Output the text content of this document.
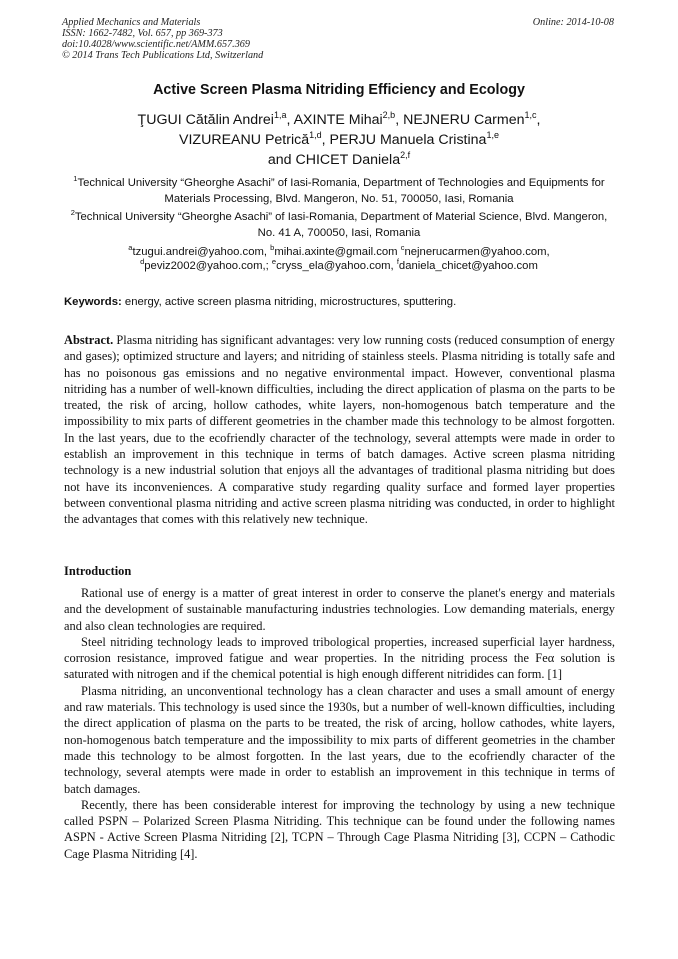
Applied Mechanics and Materials
ISSN: 1662-7482, Vol. 657, pp 369-373
doi:10.4028/www.scientific.net/AMM.657.369
© 2014 Trans Tech Publications Ltd, Switzerland
Online: 2014-10-08
Active Screen Plasma Nitriding Efficiency and Ecology
ŢUGUI Cătălin Andrei$^{1,a}$, AXINTE Mihai$^{2,b}$, NEJNERU Carmen$^{1,c}$,
VIZUREANU Petrică$^{1,d}$, PERJU Manuela Cristina$^{1,e}$
and CHICET Daniela$^{2,f}$
$^1$Technical University “Gheorghe Asachi” of Iasi-Romania, Department of Technologies and Equipments for Materials Processing, Blvd. Mangeron, No. 51, 700050, Iasi, Romania
$^2$Technical University “Gheorghe Asachi” of Iasi-Romania, Department of Material Science, Blvd. Mangeron, No. 41 A, 700050, Iasi, Romania
$^a$tzugui.andrei@yahoo.com, $^b$mihai.axinte@gmail.com $^c$nejnerucarmen@yahoo.com,
$^d$peviz2002@yahoo.com,; $^e$cryss_ela@yahoo.com, $^f$daniela_chicet@yahoo.com
Keywords: energy, active screen plasma nitriding, microstructures, sputtering.
Abstract. Plasma nitriding has significant advantages: very low running costs (reduced consumption of energy and gases); optimized structure and layers; and nitriding of stainless steels. Plasma nitriding is totally safe and has no poisonous gas emissions and no negative environmental impact. However, conventional plasma nitriding has a number of well-known difficulties, including the direct application of plasma on the parts to be treated, the risk of arcing, hollow cathodes, white layers, non-homogenous batch temperature and the impossibility to mix parts of different geometries in the chamber made this technology to be almost forgotten. In the last years, due to the ecofriendly character of the technology, several attempts were made in order to establish an improvement in this technique in terms of batch damages. Active screen plasma nitriding technology is a new industrial solution that enjoys all the advantages of traditional plasma nitriding but does not have its inconveniences. A comparative study regarding quality surface and formed layer properties between conventional plasma nitriding and active screen plasma nitriding was conducted, in order to highlight the advantages that comes with this relatively new technique.
Introduction

Rational use of energy is a matter of great interest in order to conserve the planet's energy and materials and the development of sustainable manufacturing industries technologies. Low demanding materials, energy and also clean technologies are required.

Steel nitriding technology leads to improved tribological properties, increased superficial layer hardness, corrosion resistance, improved fatigue and wear properties. In the nitriding process the Feα solution is saturated with nitrogen and if the chemical potential is high enough different nitridides can form. [1]

Plasma nitriding, an unconventional technology has a clean character and uses a small amount of energy and raw materials. This technology is used since the 1930s, but a number of well-known difficulties, including the direct application of plasma on the parts to be treated, the risk of arcing, hollow cathodes, white layers, non-homogenous batch temperature and the impossibility to mix parts of different geometries in the chamber made this technology to be almost forgotten. In the last years, due to the ecofriendly character of the technology, several atempts were made in order to establish an improvement in this technique in terms of batch damages.

Recently, there has been considerable interest for improving the technology by using a new technique called PSPN – Polarized Screen Plasma Nitriding. This technique can be found under the following names ASPN - Active Screen Plasma Nitriding [2], TCPN – Through Cage Plasma Nitriding [3], CCPN – Cathodic Cage Plasma Nitriding [4].
